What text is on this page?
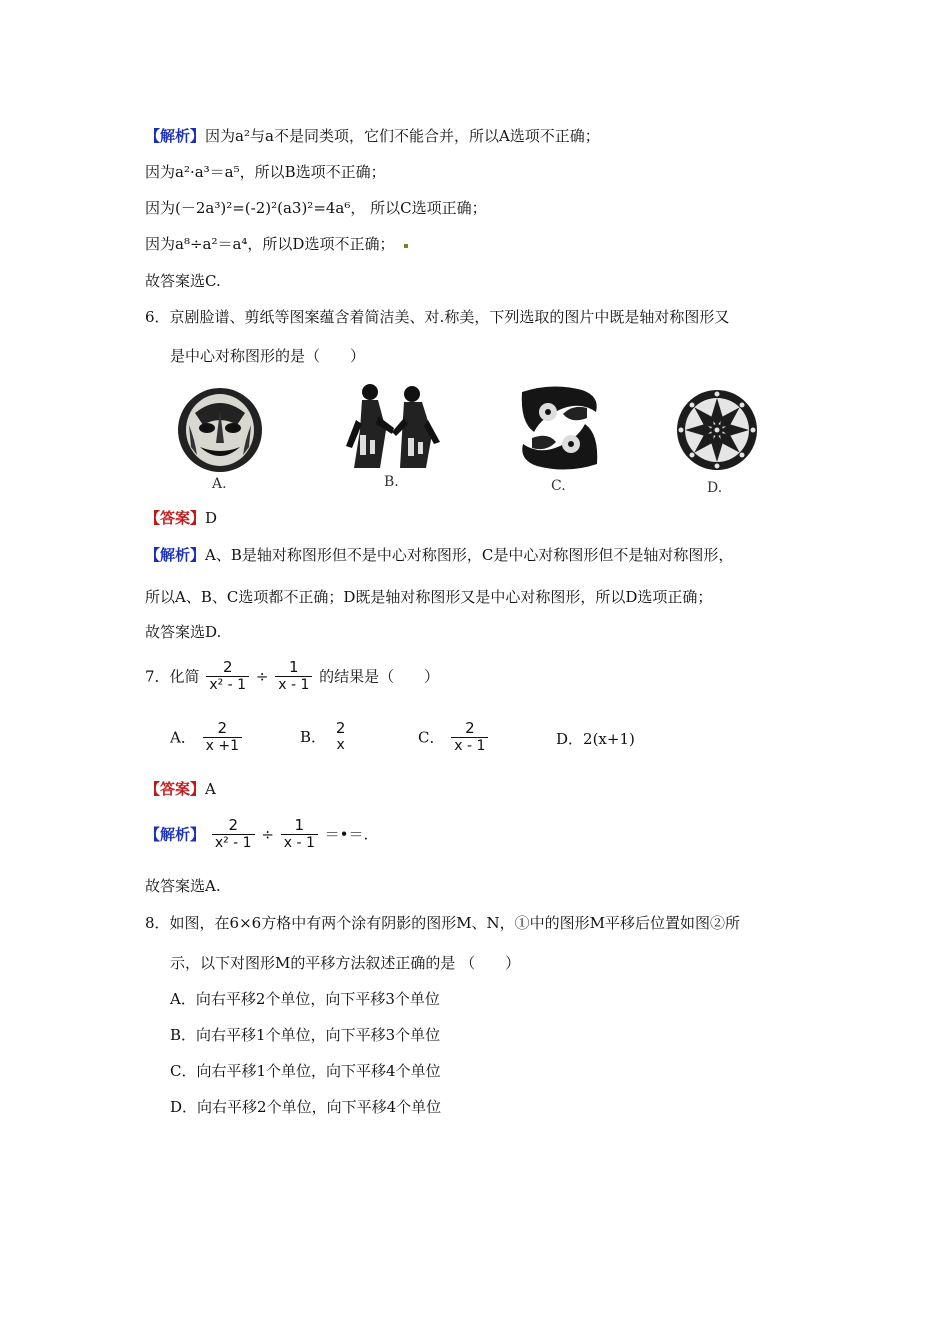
【解析】因为a²与a不是同类项，它们不能合并，所以A选项不正确；
因为a²·a³＝a⁵，所以B选项不正确；
因为(－2a³)²=(-2)²(a3)²=4a⁶， 所以C选项正确；
因为a⁸÷a²＝a⁴，所以D选项不正确；
故答案选C.
6．京剧脸谱、剪纸等图案蕴含着简洁美、对.称美，下列选取的图片中既是轴对称图形又
是中心对称图形的是（　　）
A.	B.	C.	D.
【答案】D
【解析】A、B是轴对称图形但不是中心对称图形，C是中心对称图形但不是轴对称图形，
所以A、B、C选项都不正确；D既是轴对称图形又是中心对称图形，所以D选项正确；
故答案选D.
7．化简 $\frac{2}{\text{x² - 1}} \div \frac{1}{x - 1}$ 的结果是（　　）
A． $\frac{2}{x +1}$	B． 2
x	C． $\frac{2}{x - 1}$	D．2(x+1)
【答案】A
【解析】 $\frac{2}{\text{x² - 1}} \div \frac{1}{x - 1}$ ＝•＝.
故答案选A.
8．如图，在6×6方格中有两个涂有阴影的图形M、N，①中的图形M平移后位置如图②所
示，以下对图形M的平移方法叙述正确的是 （　　）
A．向右平移2个单位，向下平移3个单位
B．向右平移1个单位，向下平移3个单位
C．向右平移1个单位，向下平移4个单位
D．向右平移2个单位，向下平移4个单位
